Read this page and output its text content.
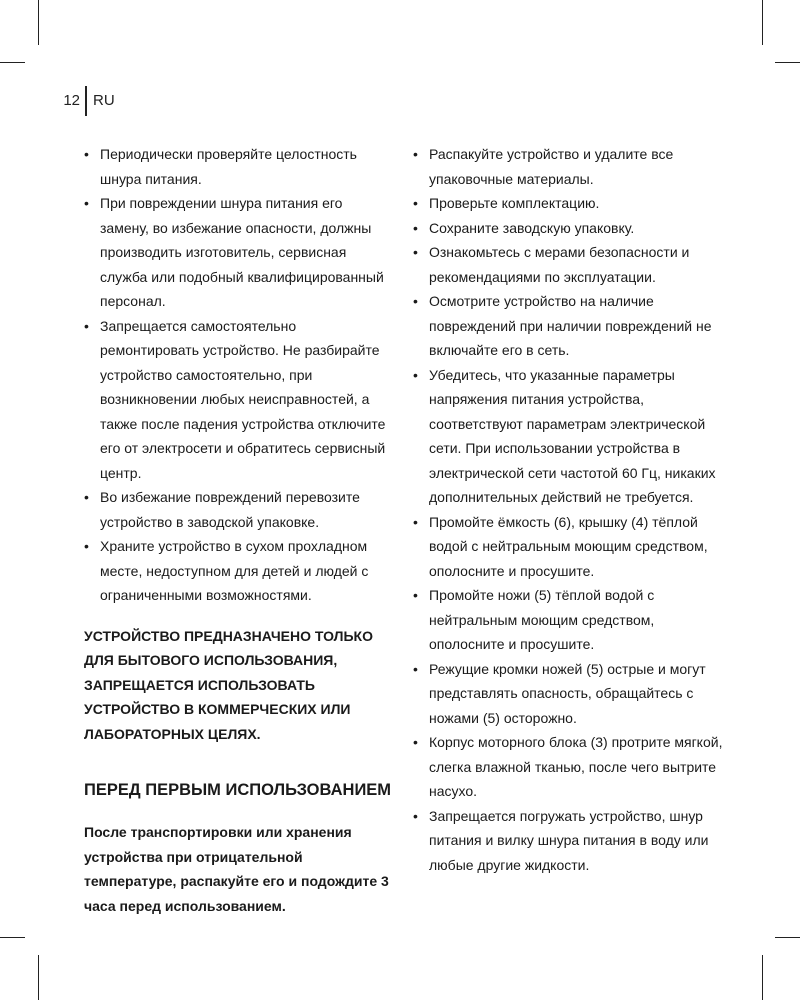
12 RU
• Периодически проверяйте целостность шнура питания.
• При повреждении шнура питания его замену, во избежание опасности, должны производить изготовитель, сервисная служба или подобный квалифицированный персонал.
• Запрещается самостоятельно ремонтировать устройство. Не разбирайте устройство самостоятельно, при возникновении любых неисправностей, а также после падения устройства отключите его от электросети и обратитесь сервисный центр.
• Во избежание повреждений перевозите устройство в заводской упаковке.
• Храните устройство в сухом прохладном месте, недоступном для детей и людей с ограниченными возможностями.
УСТРОЙСТВО ПРЕДНАЗНАЧЕНО ТОЛЬКО ДЛЯ БЫТОВОГО ИСПОЛЬЗОВАНИЯ, ЗАПРЕЩАЕТСЯ ИСПОЛЬЗОВАТЬ УСТРОЙСТВО В КОММЕРЧЕСКИХ ИЛИ ЛАБОРАТОРНЫХ ЦЕЛЯХ.
ПЕРЕД ПЕРВЫМ ИСПОЛЬЗОВАНИЕМ
После транспортировки или хранения устройства при отрицательной температуре, распакуйте его и подождите 3 часа перед использованием.
• Распакуйте устройство и удалите все упаковочные материалы.
• Проверьте комплектацию.
• Сохраните заводскую упаковку.
• Ознакомьтесь с мерами безопасности и рекомендациями по эксплуатации.
• Осмотрите устройство на наличие повреждений при наличии повреждений не включайте его в сеть.
• Убедитесь, что указанные параметры напряжения питания устройства, соответствуют параметрам электрической сети. При использовании устройства в электрической сети частотой 60 Гц, никаких дополнительных действий не требуется.
• Промойте ёмкость (6), крышку (4) тёплой водой с нейтральным моющим средством, ополосните и просушите.
• Промойте ножи (5) тёплой водой с нейтральным моющим средством, ополосните и просушите.
• Режущие кромки ножей (5) острые и могут представлять опасность, обращайтесь с ножами (5) осторожно.
• Корпус моторного блока (3) протрите мягкой, слегка влажной тканью, после чего вытрите насухо.
• Запрещается погружать устройство, шнур питания и вилку шнура питания в воду или любые другие жидкости.
